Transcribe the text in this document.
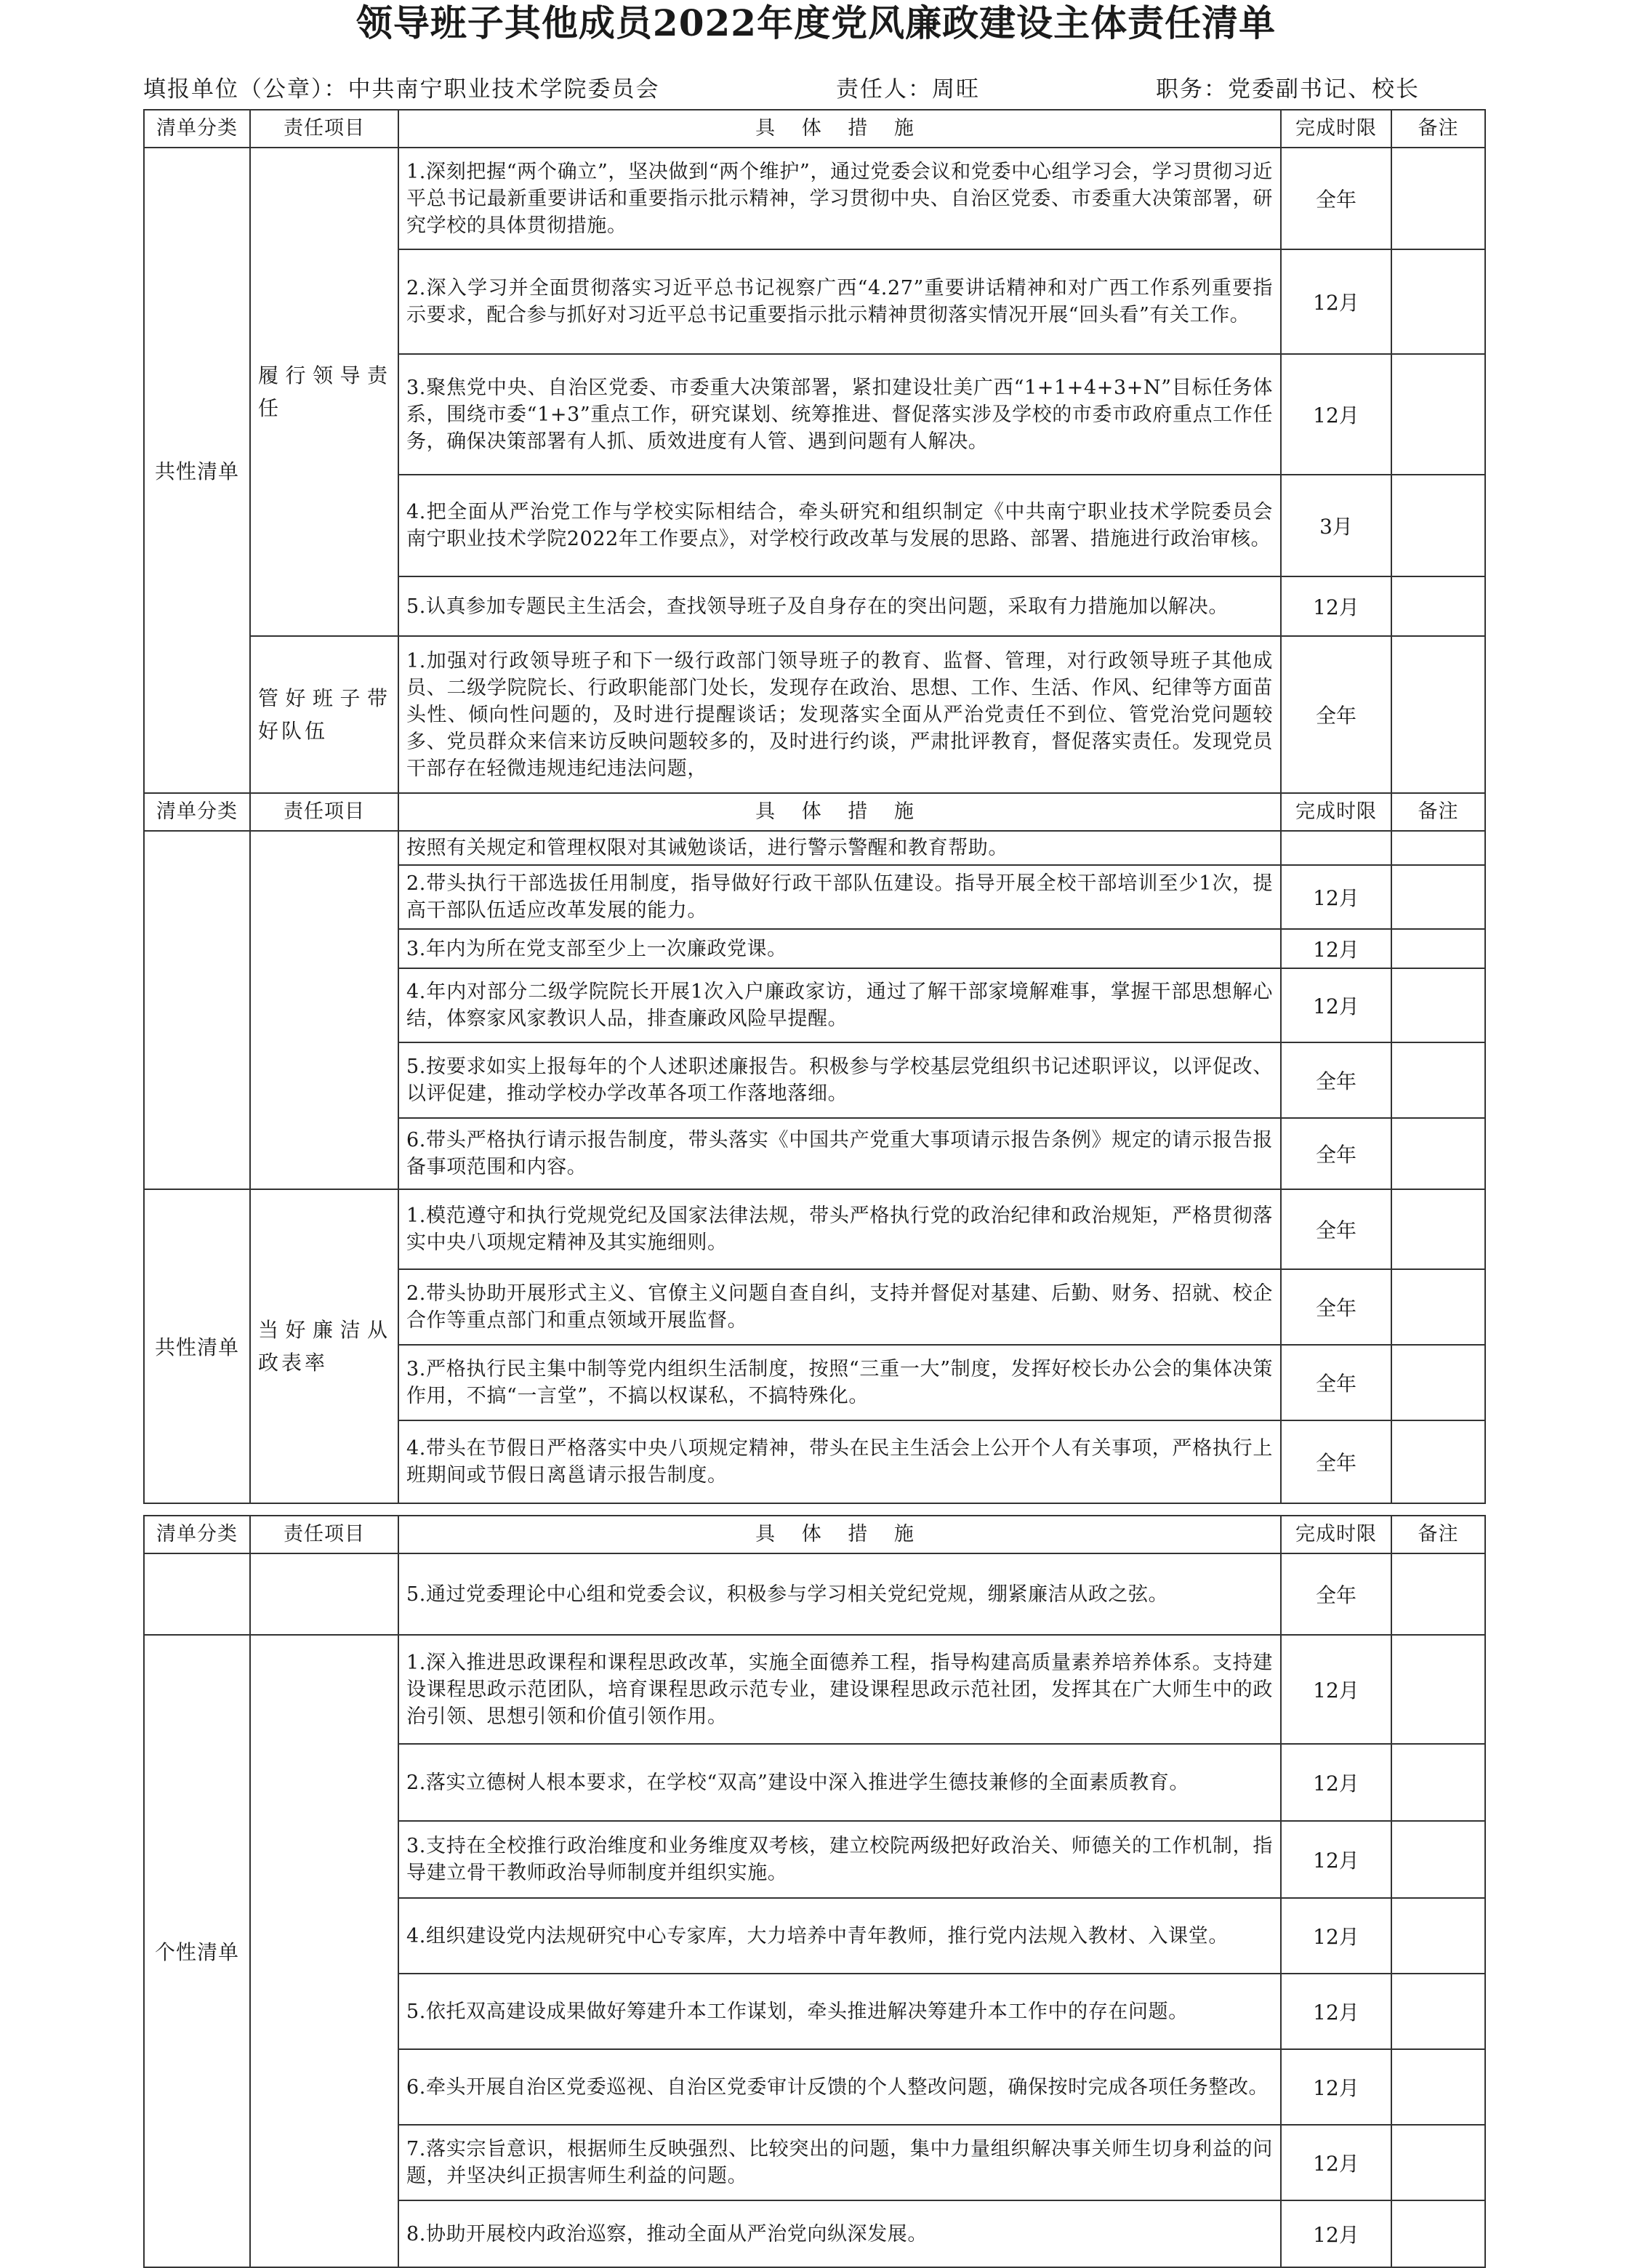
领导班子其他成员2022年度党风廉政建设主体责任清单
填报单位（公章）：中共南宁职业技术学院委员会	责任人：周旺	职务：党委副书记、校长
清单分类	责任项目	具 体 措 施	完成时限	备注
共性清单	履行领导责任	1.深刻把握“两个确立”，坚决做到“两个维护”，通过党委会议和党委中心组学习会，学习贯彻习近平总书记最新重要讲话和重要指示批示精神，学习贯彻中央、自治区党委、市委重大决策部署，研究学校的具体贯彻措施。	全年	
		2.深入学习并全面贯彻落实习近平总书记视察广西“4.27”重要讲话精神和对广西工作系列重要指示要求，配合参与抓好对习近平总书记重要指示批示精神贯彻落实情况开展“回头看”有关工作。	12月	
		3.聚焦党中央、自治区党委、市委重大决策部署，紧扣建设壮美广西“1+1+4+3+N”目标任务体系，围绕市委“1+3”重点工作，研究谋划、统筹推进、督促落实涉及学校的市委市政府重点工作任务，确保决策部署有人抓、质效进度有人管、遇到问题有人解决。	12月	
		4.把全面从严治党工作与学校实际相结合，牵头研究和组织制定《中共南宁职业技术学院委员会 南宁职业技术学院2022年工作要点》，对学校行政改革与发展的思路、部署、措施进行政治审核。	3月	
		5.认真参加专题民主生活会，查找领导班子及自身存在的突出问题，采取有力措施加以解决。	12月	
	管好班子带好队伍	1.加强对行政领导班子和下一级行政部门领导班子的教育、监督、管理，对行政领导班子其他成员、二级学院院长、行政职能部门处长，发现存在政治、思想、工作、生活、作风、纪律等方面苗头性、倾向性问题的，及时进行提醒谈话；发现落实全面从严治党责任不到位、管党治党问题较多、党员群众来信来访反映问题较多的，及时进行约谈，严肃批评教育，督促落实责任。发现党员干部存在轻微违规违纪违法问题，	全年	
清单分类	责任项目	具 体 措 施	完成时限	备注
		按照有关规定和管理权限对其诫勉谈话，进行警示警醒和教育帮助。		
		2.带头执行干部选拔任用制度，指导做好行政干部队伍建设。指导开展全校干部培训至少1次，提高干部队伍适应改革发展的能力。	12月	
		3.年内为所在党支部至少上一次廉政党课。	12月	
		4.年内对部分二级学院院长开展1次入户廉政家访，通过了解干部家境解难事，掌握干部思想解心结，体察家风家教识人品，排查廉政风险早提醒。	12月	
		5.按要求如实上报每年的个人述职述廉报告。积极参与学校基层党组织书记述职评议，以评促改、以评促建，推动学校办学改革各项工作落地落细。	全年	
		6.带头严格执行请示报告制度，带头落实《中国共产党重大事项请示报告条例》规定的请示报告报备事项范围和内容。	全年	
共性清单	当好廉洁从政表率	1.模范遵守和执行党规党纪及国家法律法规，带头严格执行党的政治纪律和政治规矩，严格贯彻落实中央八项规定精神及其实施细则。	全年	
		2.带头协助开展形式主义、官僚主义问题自查自纠，支持并督促对基建、后勤、财务、招就、校企合作等重点部门和重点领域开展监督。	全年	
		3.严格执行民主集中制等党内组织生活制度，按照“三重一大”制度，发挥好校长办公会的集体决策作用，不搞“一言堂”，不搞以权谋私，不搞特殊化。	全年	
		4.带头在节假日严格落实中央八项规定精神，带头在民主生活会上公开个人有关事项，严格执行上班期间或节假日离邕请示报告制度。	全年	
清单分类	责任项目	具 体 措 施	完成时限	备注
		5.通过党委理论中心组和党委会议，积极参与学习相关党纪党规，绷紧廉洁从政之弦。	全年	
个性清单		1.深入推进思政课程和课程思政改革，实施全面德养工程，指导构建高质量素养培养体系。支持建设课程思政示范团队，培育课程思政示范专业，建设课程思政示范社团，发挥其在广大师生中的政治引领、思想引领和价值引领作用。	12月	
		2.落实立德树人根本要求，在学校“双高”建设中深入推进学生德技兼修的全面素质教育。	12月	
		3.支持在全校推行政治维度和业务维度双考核，建立校院两级把好政治关、师德关的工作机制，指导建立骨干教师政治导师制度并组织实施。	12月	
		4.组织建设党内法规研究中心专家库，大力培养中青年教师，推行党内法规入教材、入课堂。	12月	
		5.依托双高建设成果做好筹建升本工作谋划，牵头推进解决筹建升本工作中的存在问题。	12月	
		6.牵头开展自治区党委巡视、自治区党委审计反馈的个人整改问题，确保按时完成各项任务整改。	12月	
		7.落实宗旨意识，根据师生反映强烈、比较突出的问题，集中力量组织解决事关师生切身利益的问题，并坚决纠正损害师生利益的问题。	12月	
		8.协助开展校内政治巡察，推动全面从严治党向纵深发展。	12月	
